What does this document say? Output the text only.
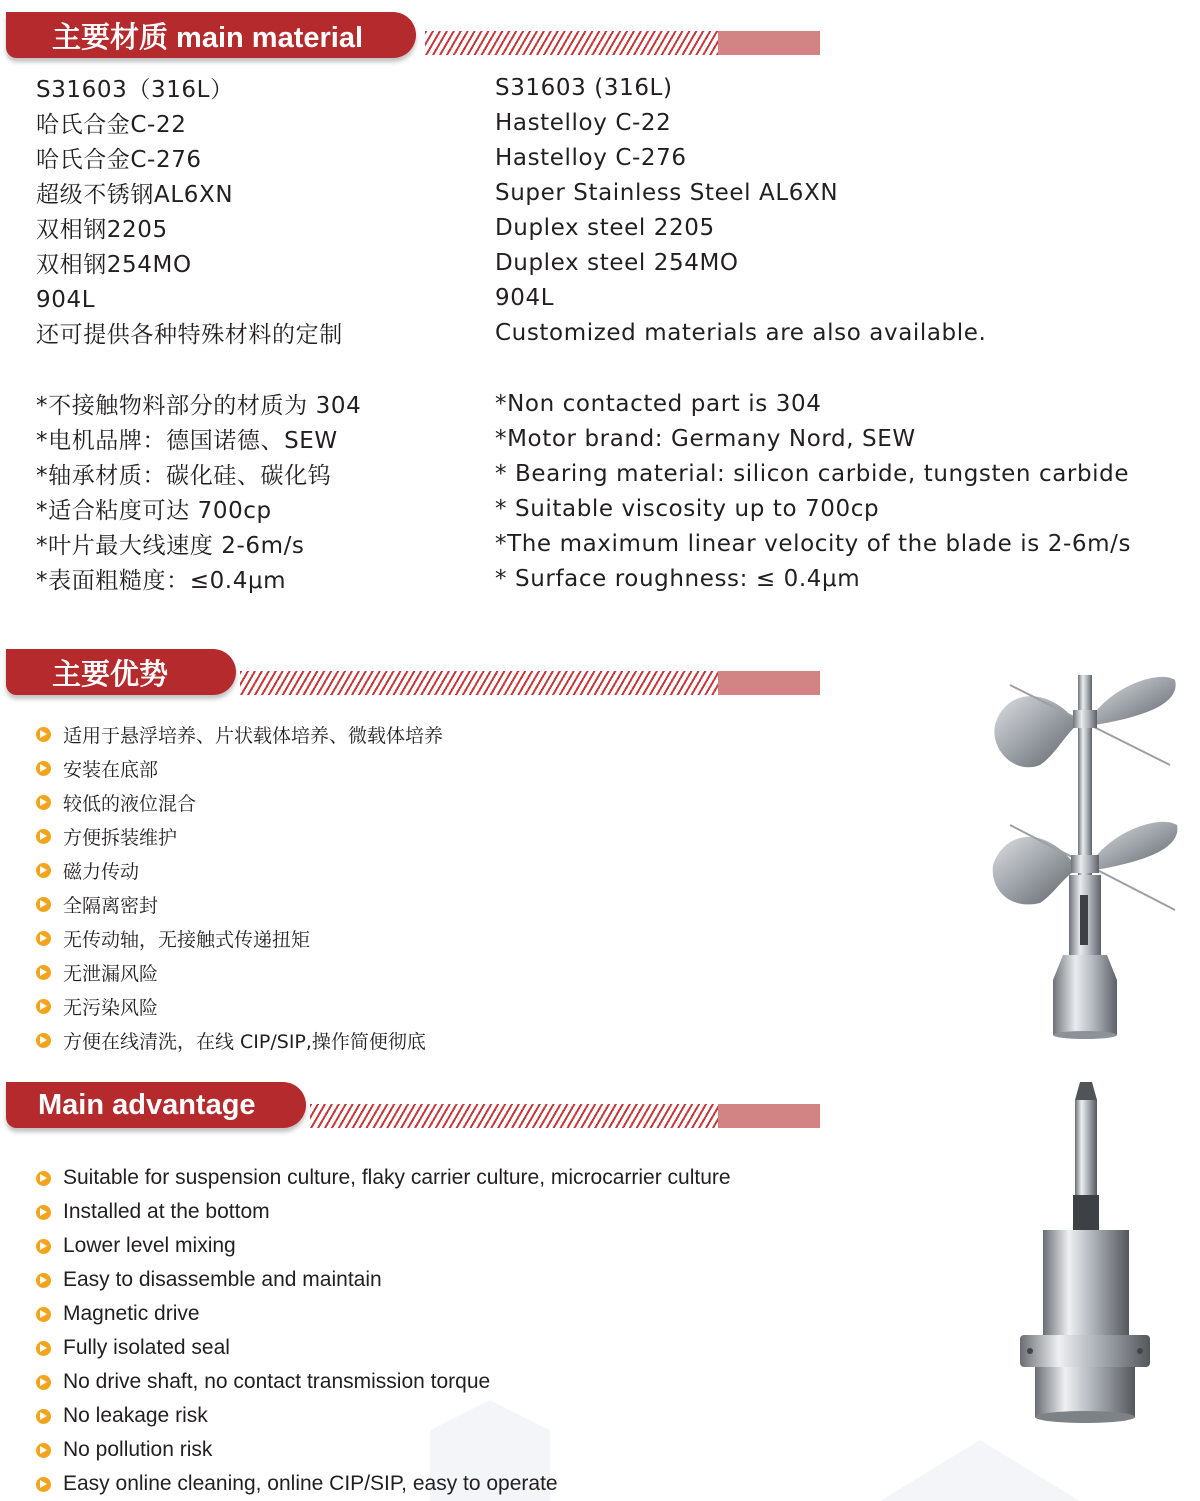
主要材质 main material
S31603（316L）
哈氏合金C-22
哈氏合金C-276
超级不锈钢AL6XN
双相钢2205
双相钢254MO
904L
还可提供各种特殊材料的定制
*不接触物料部分的材质为 304
*电机品牌：德国诺德、SEW
*轴承材质：碳化硅、碳化钨
*适合粘度可达 700cp
*叶片最大线速度 2-6m/s
*表面粗糙度：≤0.4μm
S31603 (316L)
Hastelloy C-22
Hastelloy C-276
Super Stainless Steel AL6XN
Duplex steel 2205
Duplex steel 254MO
904L
Customized materials are also available.
*Non contacted part is 304
*Motor brand: Germany Nord, SEW
* Bearing material: silicon carbide, tungsten carbide
* Suitable viscosity up to 700cp
*The maximum linear velocity of the blade is 2-6m/s
* Surface roughness: ≤ 0.4μm
主要优势
适用于悬浮培养、片状载体培养、微载体培养
安装在底部
较低的液位混合
方便拆装维护
磁力传动
全隔离密封
无传动轴，无接触式传递扭矩
无泄漏风险
无污染风险
方便在线清洗，在线 CIP/SIP,操作简便彻底
Main advantage
Suitable for suspension culture, flaky carrier culture, microcarrier culture
Installed at the bottom
Lower level mixing
Easy to disassemble and maintain
Magnetic drive
Fully isolated seal
No drive shaft, no contact transmission torque
No leakage risk
No pollution risk
Easy online cleaning, online CIP/SIP, easy to operate
